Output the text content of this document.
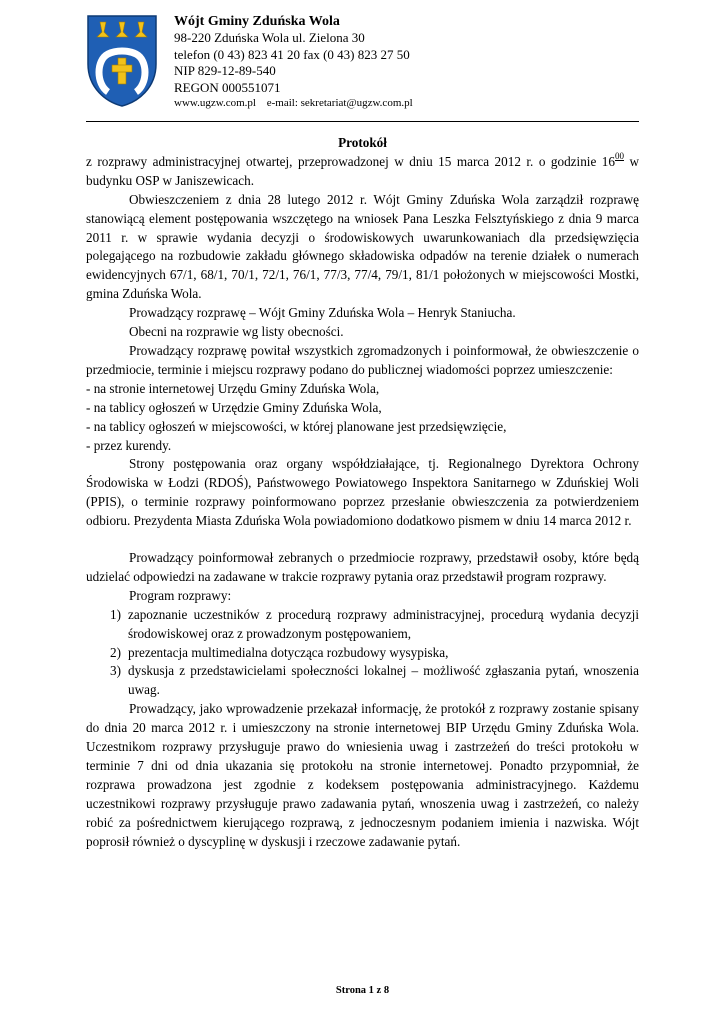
Wójt Gminy Zduńska Wola
98-220 Zduńska Wola ul. Zielona 30
telefon (0 43) 823 41 20 fax (0 43) 823 27 50
NIP 829-12-89-540
REGON 000551071
www.ugzw.com.pl e-mail: sekretariat@ugzw.com.pl
Protokół
z rozprawy administracyjnej otwartej, przeprowadzonej w dniu 15 marca 2012 r. o godzinie $16^{00}$ w budynku OSP w Janiszewicach.
Obwieszczeniem z dnia 28 lutego 2012 r. Wójt Gminy Zduńska Wola zarządził rozprawę stanowiącą element postępowania wszczętego na wniosek Pana Leszka Felsztyńskiego z dnia 9 marca 2011 r. w sprawie wydania decyzji o środowiskowych uwarunkowaniach dla przedsięwzięcia polegającego na rozbudowie zakładu głównego składowiska odpadów na terenie działek o numerach ewidencyjnych 67/1, 68/1, 70/1, 72/1, 76/1, 77/3, 77/4, 79/1, 81/1 położonych w miejscowości Mostki, gmina Zduńska Wola.
Prowadzący rozprawę – Wójt Gminy Zduńska Wola – Henryk Staniucha.
Obecni na rozprawie wg listy obecności.
Prowadzący rozprawę powitał wszystkich zgromadzonych i poinformował, że obwieszczenie o przedmiocie, terminie i miejscu rozprawy podano do publicznej wiadomości poprzez umieszczenie:
- na stronie internetowej Urzędu Gminy Zduńska Wola,
- na tablicy ogłoszeń w Urzędzie Gminy Zduńska Wola,
- na tablicy ogłoszeń w miejscowości, w której planowane jest przedsięwzięcie,
- przez kurendy.
Strony postępowania oraz organy współdziałające, tj. Regionalnego Dyrektora Ochrony Środowiska w Łodzi (RDOŚ), Państwowego Powiatowego Inspektora Sanitarnego w Zduńskiej Woli (PPIS), o terminie rozprawy poinformowano poprzez przesłanie obwieszczenia za potwierdzeniem odbioru. Prezydenta Miasta Zduńska Wola powiadomiono dodatkowo pismem w dniu 14 marca 2012 r.
Prowadzący poinformował zebranych o przedmiocie rozprawy, przedstawił osoby, które będą udzielać odpowiedzi na zadawane w trakcie rozprawy pytania oraz przedstawił program rozprawy.
Program rozprawy:
1) zapoznanie uczestników z procedurą rozprawy administracyjnej, procedurą wydania decyzji środowiskowej oraz z prowadzonym postępowaniem,
2) prezentacja multimedialna dotycząca rozbudowy wysypiska,
3) dyskusja z przedstawicielami społeczności lokalnej – możliwość zgłaszania pytań, wnoszenia uwag.
Prowadzący, jako wprowadzenie przekazał informację, że protokół z rozprawy zostanie spisany do dnia 20 marca 2012 r. i umieszczony na stronie internetowej BIP Urzędu Gminy Zduńska Wola. Uczestnikom rozprawy przysługuje prawo do wniesienia uwag i zastrzeżeń do treści protokołu w terminie 7 dni od dnia ukazania się protokołu na stronie internetowej. Ponadto przypomniał, że rozprawa prowadzona jest zgodnie z kodeksem postępowania administracyjnego. Każdemu uczestnikowi rozprawy przysługuje prawo zadawania pytań, wnoszenia uwag i zastrzeżeń, co należy robić za pośrednictwem kierującego rozprawą, z jednoczesnym podaniem imienia i nazwiska. Wójt poprosił również o dyscyplinę w dyskusji i rzeczowe zadawanie pytań.
Strona 1 z 8
